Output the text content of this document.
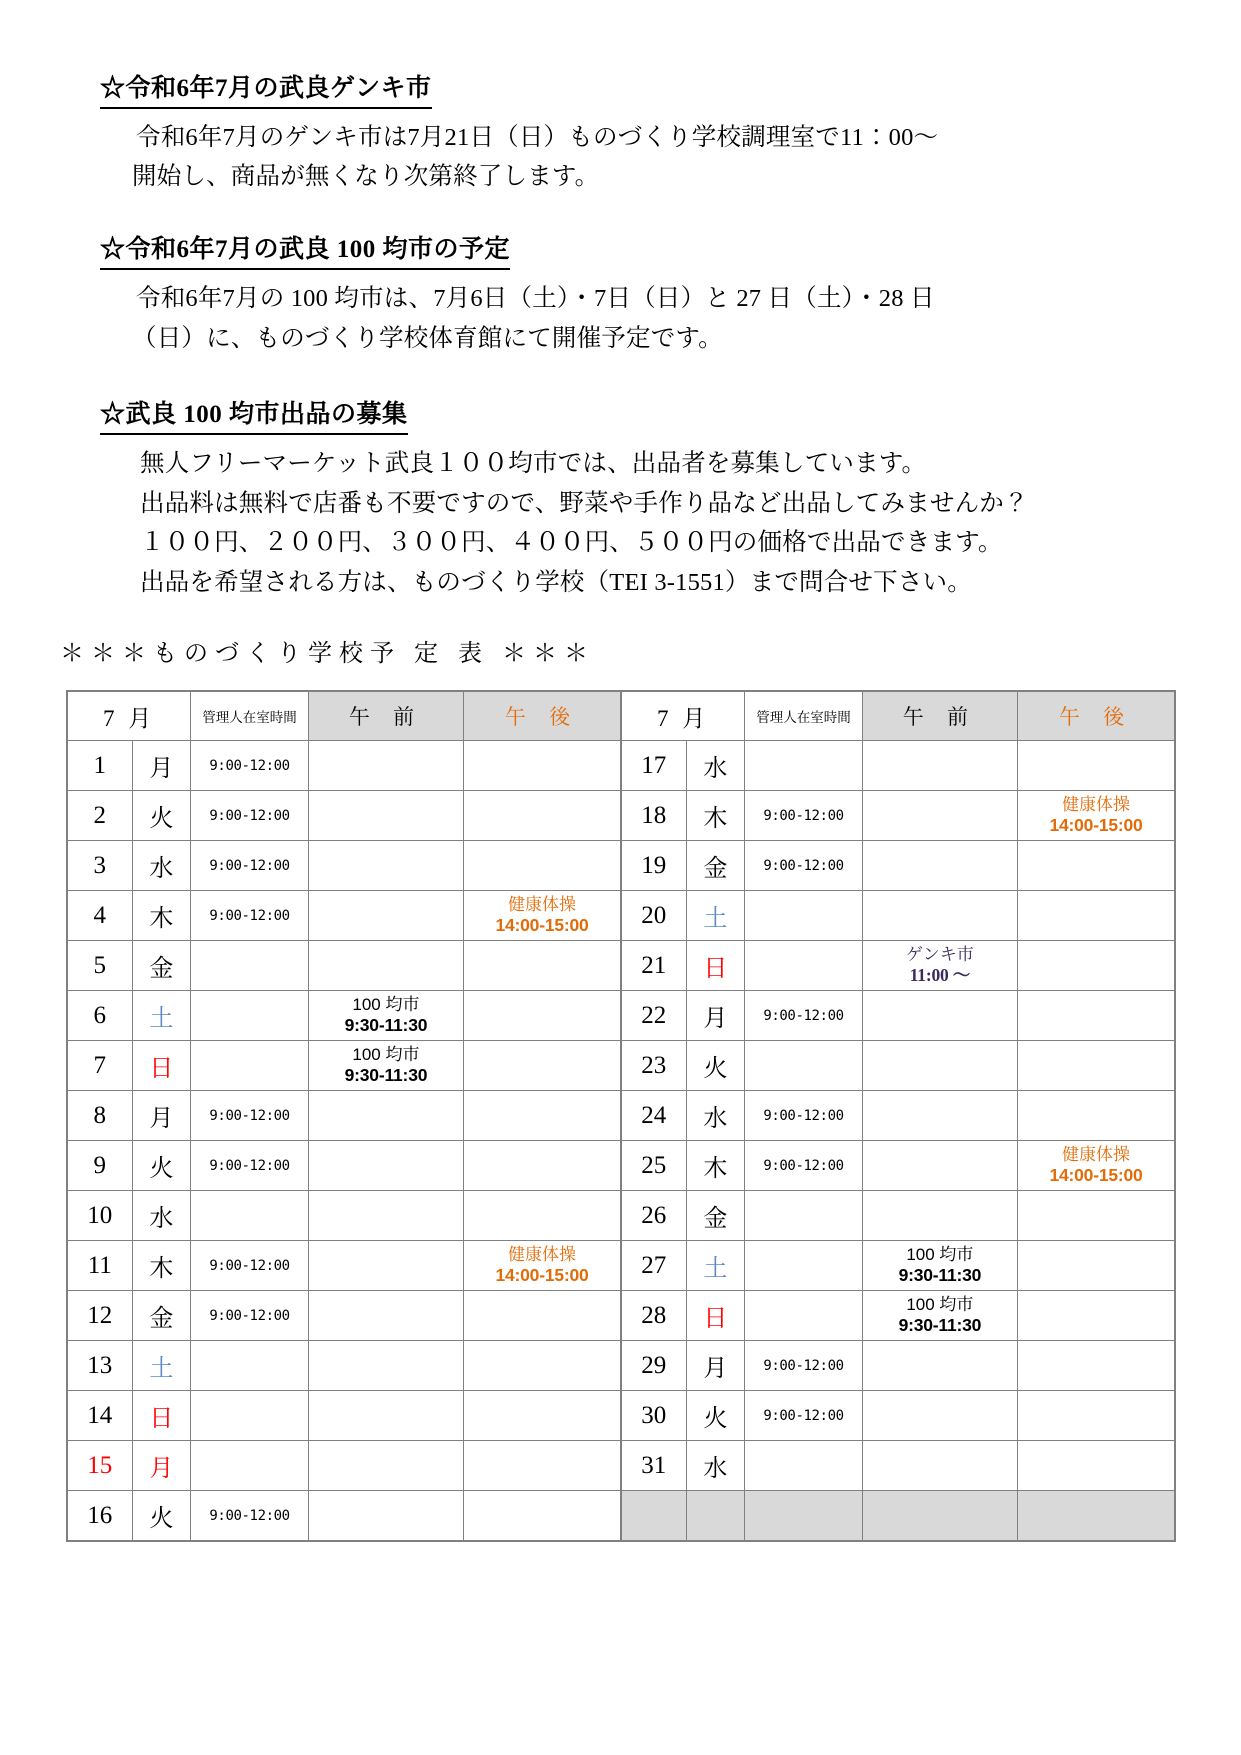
☆令和6年7月の武良ゲンキ市

令和6年7月のゲンキ市は7月21日（日）ものづくり学校調理室で11：00～

開始し、商品が無くなり次第終了します。

☆令和6年7月の武良 100 均市の予定

令和6年7月の 100 均市は、7月6日（土）・7日（日）と 27 日（土）・28 日

（日）に、ものづくり学校体育館にて開催予定です。

☆武良 100 均市出品の募集

無人フリーマーケット武良１００均市では、出品者を募集しています。

出品料は無料で店番も不要ですので、野菜や手作り品など出品してみませんか？

１００円、２００円、３００円、４００円、５００円の価格で出品できます。

出品を希望される方は、ものづくり学校（TEI 3-1551）まで問合せ下さい。

＊＊＊ものづくり学校予 定 表 ＊＊＊
7 月		管理人在室時間	午 前	午 後	7 月		管理人在室時間	午 前	午 後
1	月	9:00-12:00			17	水			
2	火	9:00-12:00			18	木	9:00-12:00		健康体操
14:00-15:00

3	水	9:00-12:00			19	金	9:00-12:00		
4	木	9:00-12:00		健康体操
14:00-15:00	20	土			
5	金				21	日		ゲンキ市
11:00 〜	

6	土		100 均市
9:30-11:30		22	月	9:00-12:00		
7	日		100 均市
9:30-11:30		23	火			
8	月	9:00-12:00			24	水	9:00-12:00		
9	火	9:00-12:00			25	木	9:00-12:00		健康体操
14:00-15:00

10	水				26	金			
11	木	9:00-12:00		健康体操
14:00-15:00	27	土		100 均市
9:30-11:30	

12	金	9:00-12:00			28	日		100 均市
9:30-11:30	

13	土				29	月	9:00-12:00		
14	日				30	火	9:00-12:00		
15	月				31	水			
16	火	9:00-12:00							
